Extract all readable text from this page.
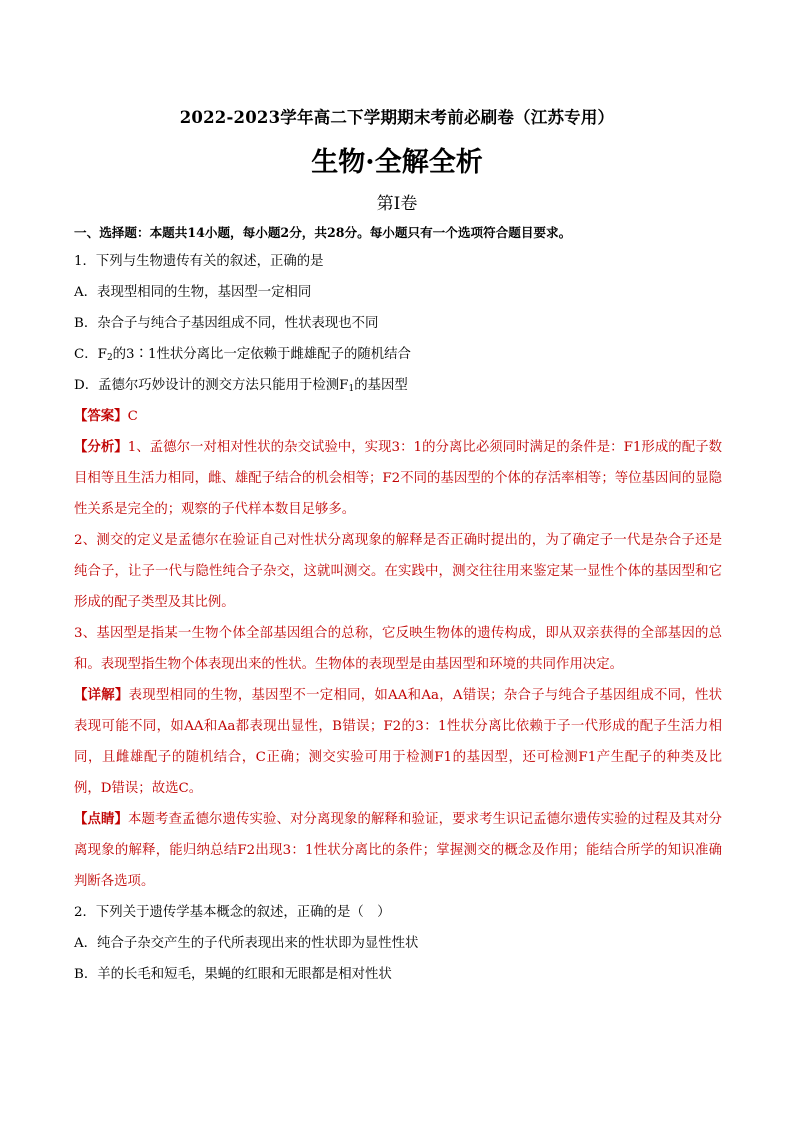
2022-2023学年高二下学期期末考前必刷卷（江苏专用）
生物·全解全析
第Ⅰ卷
一、选择题：本题共14小题，每小题2分，共28分。每小题只有一个选项符合题目要求。
1．下列与生物遗传有关的叙述，正确的是
A．表现型相同的生物，基因型一定相同
B．杂合子与纯合子基因组成不同，性状表现也不同
C．$F_2$的3∶1性状分离比一定依赖于雌雄配子的随机结合
D．孟德尔巧妙设计的测交方法只能用于检测$F_1$的基因型
【答案】C
【分析】1、孟德尔一对相对性状的杂交试验中，实现3：1的分离比必须同时满足的条件是：F1形成的配子数目相等且生活力相同，雌、雄配子结合的机会相等；F2不同的基因型的个体的存活率相等；等位基因间的显隐性关系是完全的；观察的子代样本数目足够多。
2、测交的定义是孟德尔在验证自己对性状分离现象的解释是否正确时提出的，为了确定子一代是杂合子还是纯合子，让子一代与隐性纯合子杂交，这就叫测交。在实践中，测交往往用来鉴定某一显性个体的基因型和它形成的配子类型及其比例。
3、基因型是指某一生物个体全部基因组合的总称，它反映生物体的遗传构成，即从双亲获得的全部基因的总和。表现型指生物个体表现出来的性状。生物体的表现型是由基因型和环境的共同作用决定。
【详解】表现型相同的生物，基因型不一定相同，如AA和Aa，A错误；杂合子与纯合子基因组成不同，性状表现可能不同，如AA和Aa都表现出显性，B错误；F2的3：1性状分离比依赖于子一代形成的配子生活力相同，且雌雄配子的随机结合，C正确；测交实验可用于检测F1的基因型，还可检测F1产生配子的种类及比例，D错误；故选C。
【点睛】本题考查孟德尔遗传实验、对分离现象的解释和验证，要求考生识记孟德尔遗传实验的过程及其对分离现象的解释，能归纳总结F2出现3：1性状分离比的条件；掌握测交的概念及作用；能结合所学的知识准确判断各选项。
2．下列关于遗传学基本概念的叙述，正确的是（　）
A．纯合子杂交产生的子代所表现出来的性状即为显性性状
B．羊的长毛和短毛，果蝇的红眼和无眼都是相对性状
